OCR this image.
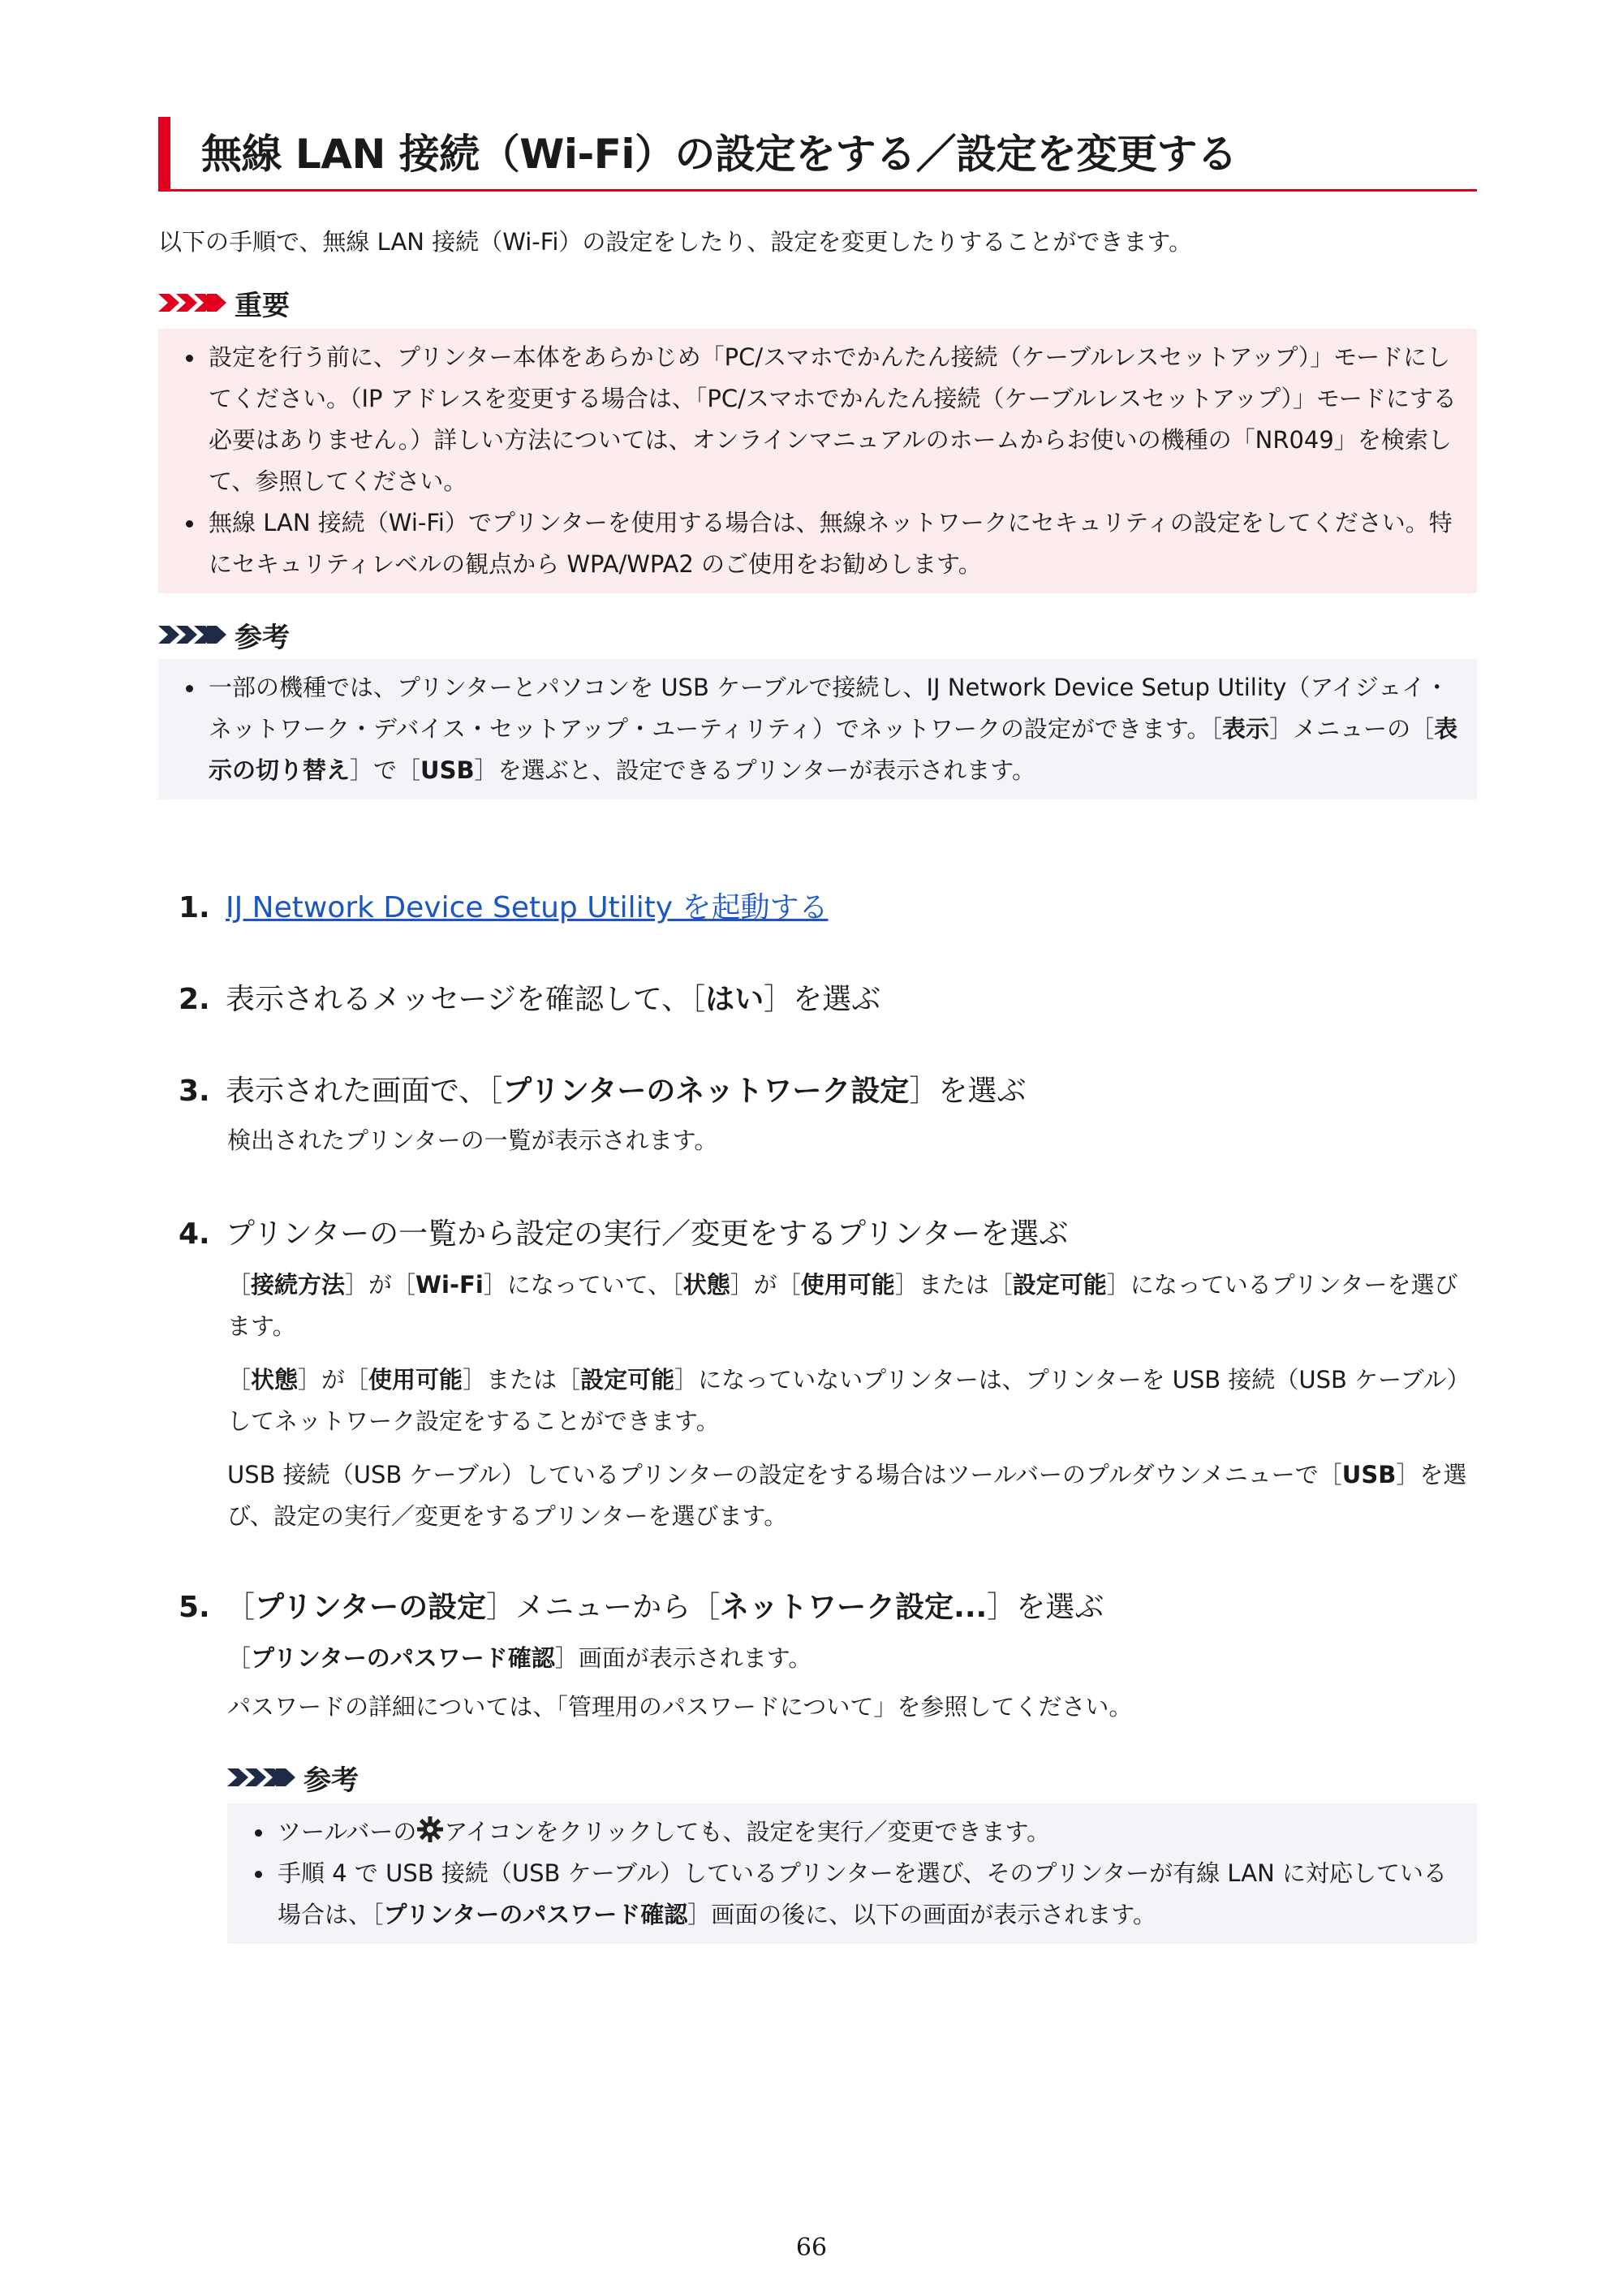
無線 LAN 接続（Wi-Fi）の設定をする／設定を変更する
以下の手順で、無線 LAN 接続（Wi-Fi）の設定をしたり、設定を変更したりすることができます。
重要
設定を行う前に、プリンター本体をあらかじめ「PC/スマホでかんたん接続（ケーブルレスセットアップ）」モードにしてください。（IP アドレスを変更する場合は、「PC/スマホでかんたん接続（ケーブルレスセットアップ）」モードにする必要はありません。）詳しい方法については、オンラインマニュアルのホームからお使いの機種の「NR049」を検索して、参照してください。
無線 LAN 接続（Wi-Fi）でプリンターを使用する場合は、無線ネットワークにセキュリティの設定をしてください。特にセキュリティレベルの観点から WPA/WPA2 のご使用をお勧めします。
参考
一部の機種では、プリンターとパソコンを USB ケーブルで接続し、IJ Network Device Setup Utility（アイジェイ・ネットワーク・デバイス・セットアップ・ユーティリティ）でネットワークの設定ができます。［表示］メニューの［表示の切り替え］で［USB］を選ぶと、設定できるプリンターが表示されます。
1. IJ Network Device Setup Utility を起動する
2. 表示されるメッセージを確認して、［はい］を選ぶ
3. 表示された画面で、［プリンターのネットワーク設定］を選ぶ
検出されたプリンターの一覧が表示されます。
4. プリンターの一覧から設定の実行／変更をするプリンターを選ぶ
［接続方法］が［Wi-Fi］になっていて、［状態］が［使用可能］または［設定可能］になっているプリンターを選びます。
［状態］が［使用可能］または［設定可能］になっていないプリンターは、プリンターを USB 接続（USB ケーブル）してネットワーク設定をすることができます。
USB 接続（USB ケーブル）しているプリンターの設定をする場合はツールバーのプルダウンメニューで［USB］を選び、設定の実行／変更をするプリンターを選びます。
5. ［プリンターの設定］メニューから［ネットワーク設定...］を選ぶ
［プリンターのパスワード確認］画面が表示されます。
パスワードの詳細については、「管理用のパスワードについて」を参照してください。
参考
ツールバーの アイコンをクリックしても、設定を実行／変更できます。
手順 4 で USB 接続（USB ケーブル）しているプリンターを選び、そのプリンターが有線 LAN に対応している場合は、［プリンターのパスワード確認］画面の後に、以下の画面が表示されます。
66
